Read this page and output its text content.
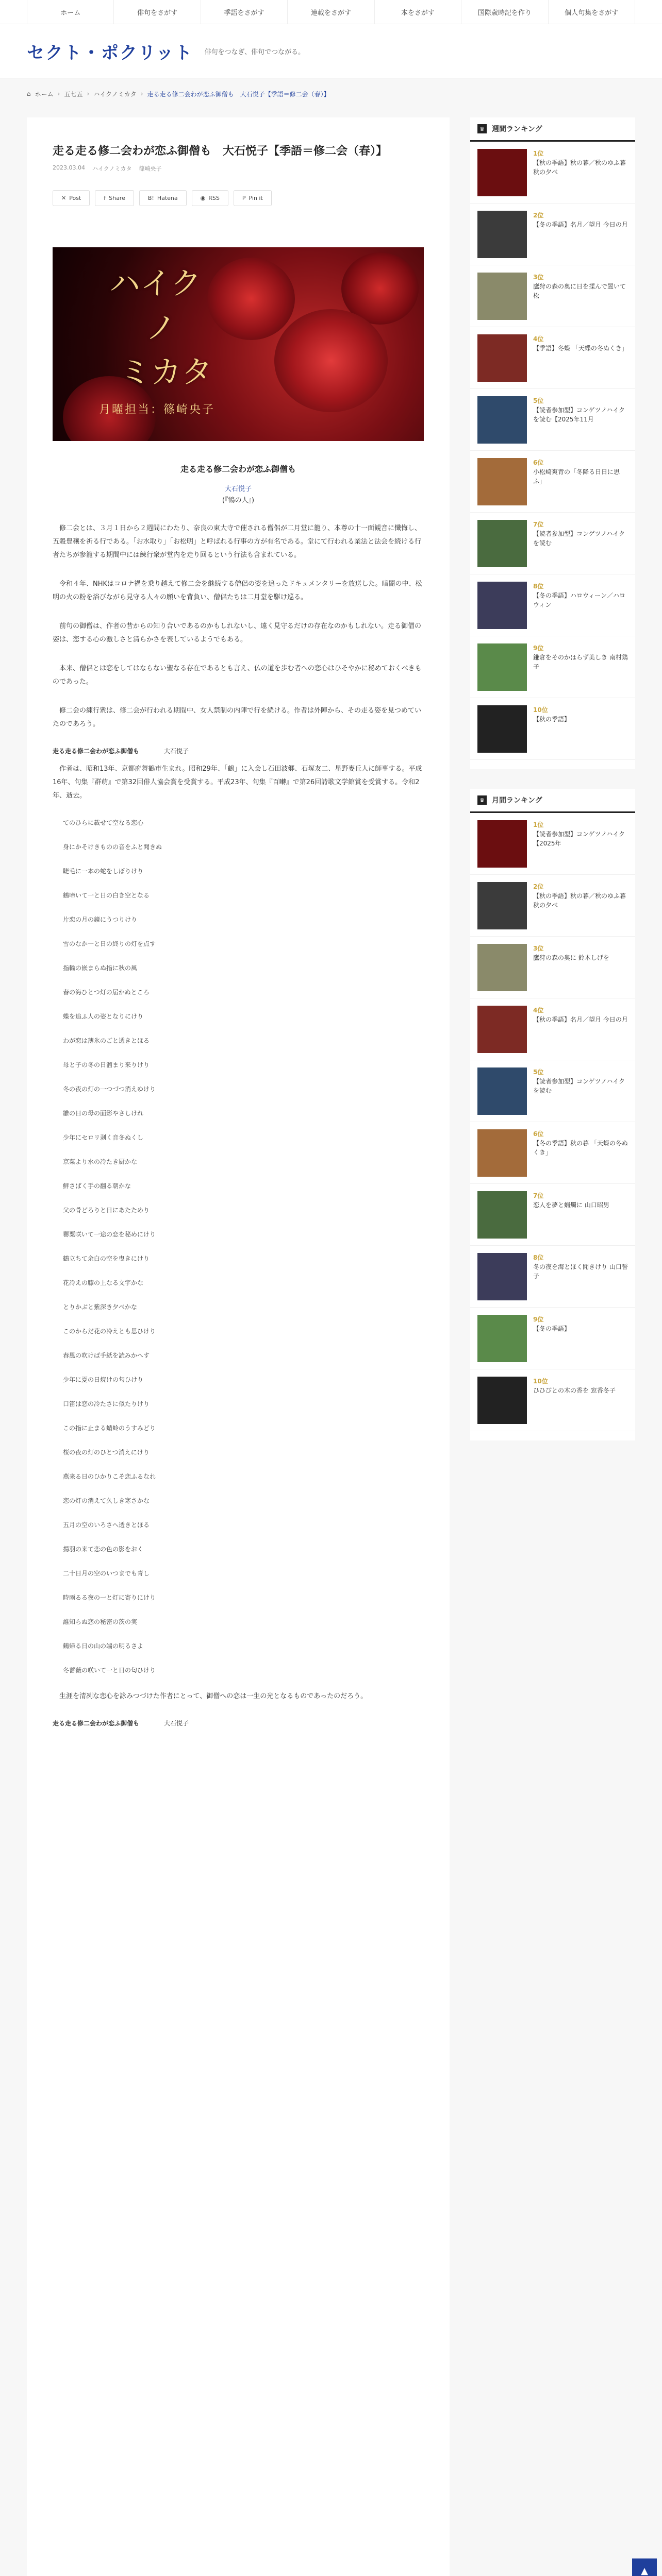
ホーム	俳句をさがす	季語をさがす	連載をさがす	本をさがす	国際歳時記を作り	個人句集をさがす
セクト・ポクリット 俳句をつなぎ、俳句でつながる。
⌂ ホーム › 五七五 › ハイクノミカタ › 走る走る修二会わが恋ふ御僧も　大石悦子【季語＝修二会（春）】
走る走る修二会わが恋ふ御僧も　大石悦子【季語＝修二会（春）】
2023.03.04 ハイクノミカタ 篠崎央子
✕ Post	f Share	B! Hatena	◉ RSS	P Pin it
ハイク
ノ
ミカタ
月曜担当：篠崎央子
走る走る修二会わが恋ふ御僧も
大石悦子
(『鶴の人』)

修二会とは、３月１日から２週間にわたり、奈良の東大寺で催される僧侶が二月堂に籠り、本尊の十一面観音に懺悔し、五穀豊穣を祈る行である。「お水取り」「お松明」と呼ばれる行事の方が有名である。堂にて行われる業法と法会を続ける行者たちが参籠する期間中には練行衆が堂内を走り回るという行法も含まれている。

令和４年、NHKはコロナ禍を乗り越えて修二会を継続する僧侶の姿を追ったドキュメンタリーを放送した。暗闇の中、松明の火の粉を浴びながら見守る人々の願いを背負い、僧侶たちは二月堂を駆け巡る。

前句の御僧は、作者の昔からの知り合いであるのかもしれないし、遠く見守るだけの存在なのかもしれない。走る御僧の姿は、恋する心の激しさと清らかさを表しているようでもある。

本来、僧侶とは恋をしてはならない聖なる存在であるとも言え、仏の道を歩む者への恋心はひそやかに秘めておくべきものであった。

修二会の練行衆は、修二会が行われる期間中、女人禁制の内陣で行を続ける。作者は外陣から、その走る姿を見つめていたのであろう。

走る走る修二会わが恋ふ御僧も	大石悦子

作者は、昭和13年、京都府舞鶴市生まれ。昭和29年、「鶴」に入会し石田波郷、石塚友二、星野麥丘人に師事する。平成16年、句集『群萌』で第32回俳人協会賞を受賞する。平成23年、句集『百囀』で第26回詩歌文学館賞を受賞する。令和2年、逝去。

てのひらに載せて空なる恋心

身にかそけきものの音をふと聞きぬ

睫毛に一本の蛇をしぼりけり

鶴啼いて一と日の白き空となる

片恋の月の鏡にうつりけり

雪のなか一と日の終りの灯を点す

指輪の嵌まらぬ指に秋の風

春の海ひとつ灯の届かぬところ

蝶を追ふ人の姿となりにけり

わが恋は薄氷のごと透きとほる

母と子の冬の日溜まり来りけり

冬の夜の灯の一つづつ消えゆけり

雛の日の母の面影やさしけれ

少年にセロリ剥く音冬ぬくし

京菜より水の冷たき厨かな

鮃さばく手の翻る朝かな

父の骨どろりと日にあたためり

罌粟咲いて一途の恋を秘めにけり

鶴立ちて余白の空を曳きにけり

花冷えの膝の上なる文字かな

とりかぶと紫深き夕べかな

このからだ花の冷えとも思ひけり

春風の吹けば手紙を読みかへす

少年に夏の日焼けの匂ひけり

口笛は恋の冷たさに似たりけり

この指に止まる蜻蛉のうすみどり

桜の夜の灯のひとつ消えにけり

燕来る日のひかりこそ恋ふるなれ

恋の灯の消えて久しき寒さかな

五月の空のいろさへ透きとほる

揚羽の来て恋の色の影をおく

二十日月の空のいつまでも青し

時雨るる夜の一と灯に寄りにけり

誰知らぬ恋の秘密の茨の実

鶴帰る日の山の端の明るさよ

冬薔薇の咲いて一と日の匂ひけり

生涯を清冽な恋心を詠みつづけた作者にとって、御僧への恋は一生の光となるものであったのだろう。

走る走る修二会わが恋ふ御僧も	大石悦子
♛ 週間ランキング
1位
【秋の季語】秋の暮／秋のゆふ暮 秋の夕べ
2位
【冬の季語】名月／望月 今日の月
3位
鷹狩の森の奥に日を揉んで置いて松
4位
【季語】冬蝶 「天蝶の冬ぬくき」
5位
【読者参加型】コンゲツノハイクを読む【2025年11月
6位
小松崎爽青の「冬降る日日に思ふ」
7位
【読者参加型】コンゲツノハイクを読む
8位
【冬の季語】ハロウィーン／ハロウィン
9位
鎌倉をそのかはらず美しき 南村鶏子
10位
【秋の季語】
♛ 月間ランキング
1位
【読者参加型】コンゲツノハイク【2025年
2位
【秋の季語】秋の暮／秋のゆふ暮 秋の夕べ
3位
鷹狩の森の奥に 鈴木しげを
4位
【秋の季語】名月／望月 今日の月
5位
【読者参加型】コンゲツノハイクを読む
6位
【冬の季語】秋の暮 「天蝶の冬ぬくき」
7位
恋人を夢と蝋燭に 山口昭男
8位
冬の夜を海とほく聞きけり 山口誓子
9位
【冬の季語】
10位
ひひびとの木の香を 窓香冬子
▲
